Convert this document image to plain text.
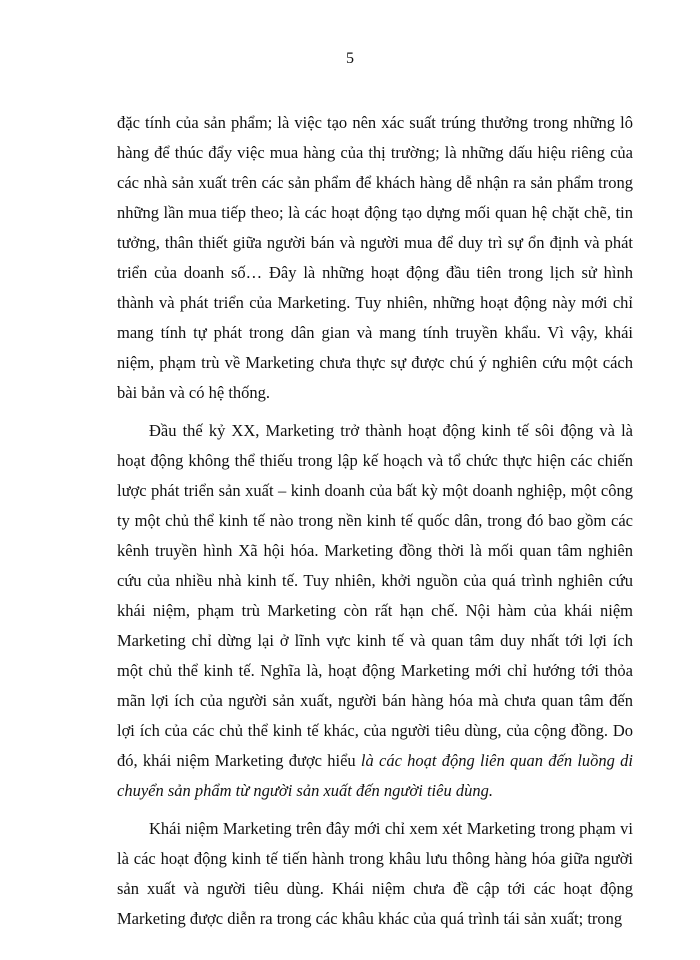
5

đặc tính của sản phẩm; là việc tạo nên xác suất trúng thưởng trong những lô hàng để thúc đẩy việc mua hàng của thị trường; là những dấu hiệu riêng của các nhà sản xuất trên các sản phẩm để khách hàng dễ nhận ra sản phẩm trong những lần mua tiếp theo; là các hoạt động tạo dựng mối quan hệ chặt chẽ, tin tưởng, thân thiết giữa người bán và người mua để duy trì sự ổn định và phát triển của doanh số… Đây là những hoạt động đầu tiên trong lịch sử hình thành và phát triển của Marketing. Tuy nhiên, những hoạt động này mới chỉ mang tính tự phát trong dân gian và mang tính truyền khẩu. Vì vậy, khái niệm, phạm trù về Marketing chưa thực sự được chú ý nghiên cứu một cách bài bản và có hệ thống.

Đầu thế kỷ XX, Marketing trở thành hoạt động kinh tế sôi động và là hoạt động không thể thiếu trong lập kế hoạch và tổ chức thực hiện các chiến lược phát triển sản xuất – kinh doanh của bất kỳ một doanh nghiệp, một công ty một chủ thể kinh tế nào trong nền kinh tế quốc dân, trong đó bao gồm các kênh truyền hình Xã hội hóa. Marketing đồng thời là mối quan tâm nghiên cứu của nhiều nhà kinh tế. Tuy nhiên, khởi nguồn của quá trình nghiên cứu khái niệm, phạm trù Marketing còn rất hạn chế. Nội hàm của khái niệm Marketing chỉ dừng lại ở lĩnh vực kinh tế và quan tâm duy nhất tới lợi ích một chủ thể kinh tế. Nghĩa là, hoạt động Marketing mới chỉ hướng tới thỏa mãn lợi ích của người sản xuất, người bán hàng hóa mà chưa quan tâm đến lợi ích của các chủ thể kinh tế khác, của người tiêu dùng, của cộng đồng. Do đó, khái niệm Marketing được hiểu là các hoạt động liên quan đến luồng di chuyển sản phẩm từ người sản xuất đến người tiêu dùng.

Khái niệm Marketing trên đây mới chỉ xem xét Marketing trong phạm vi là các hoạt động kinh tế tiến hành trong khâu lưu thông hàng hóa giữa người sản xuất và người tiêu dùng. Khái niệm chưa đề cập tới các hoạt động Marketing được diễn ra trong các khâu khác của quá trình tái sản xuất; trong
